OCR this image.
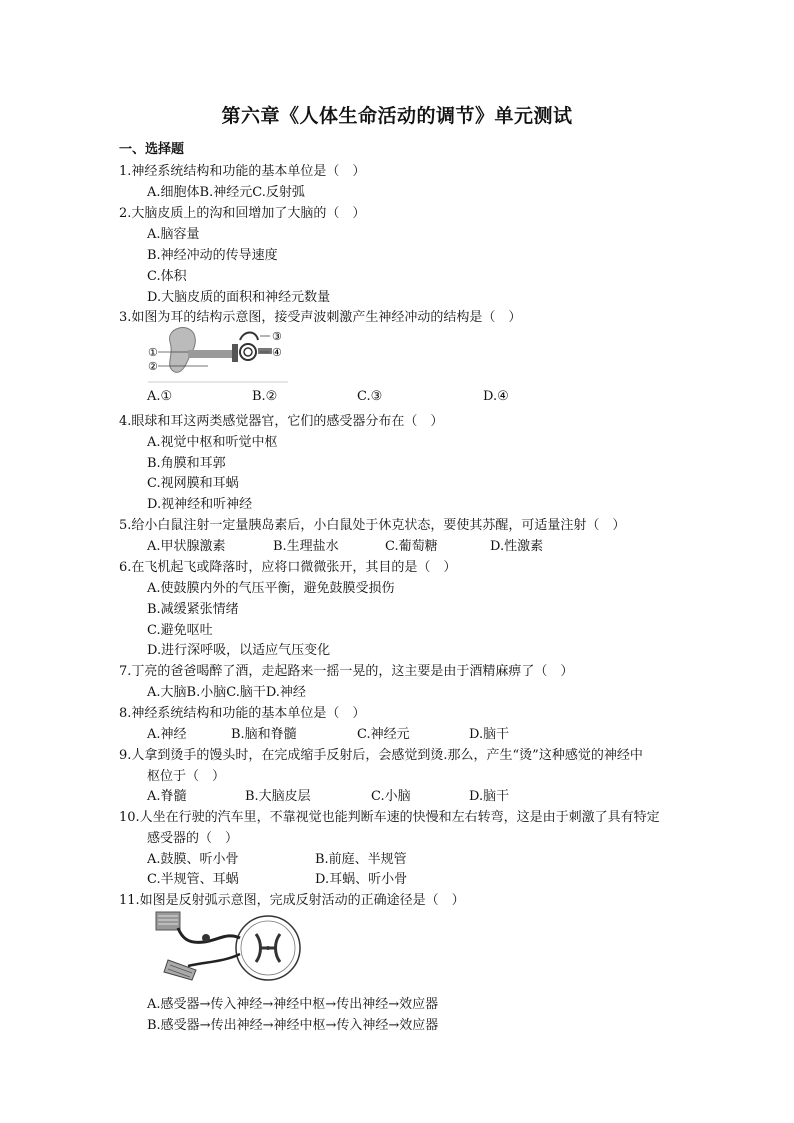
第六章《人体生命活动的调节》单元测试
一、选择题
1.神经系统结构和功能的基本单位是（　）
A.细胞体B.神经元C.反射弧
2.大脑皮质上的沟和回增加了大脑的（　）
A.脑容量
B.神经冲动的传导速度
C.体积
D.大脑皮质的面积和神经元数量
3.如图为耳的结构示意图，接受声波刺激产生神经冲动的结构是（　）
①
②
③
④
A.①	B.②	C.③	D.④
4.眼球和耳这两类感觉器官，它们的感受器分布在（　）
A.视觉中枢和听觉中枢
B.角膜和耳郭
C.视网膜和耳蜗
D.视神经和听神经
5.给小白鼠注射一定量胰岛素后，小白鼠处于休克状态，要使其苏醒，可适量注射（　）
A.甲状腺激素	B.生理盐水	C.葡萄糖	D.性激素
6.在飞机起飞或降落时，应将口微微张开，其目的是（　）
A.使鼓膜内外的气压平衡，避免鼓膜受损伤
B.减缓紧张情绪
C.避免呕吐
D.进行深呼吸，以适应气压变化
7.丁亮的爸爸喝醉了酒，走起路来一摇一晃的，这主要是由于酒精麻痹了（　）
A.大脑B.小脑C.脑干D.神经
8.神经系统结构和功能的基本单位是（　）
A.神经	B.脑和脊髓	C.神经元	D.脑干
9.人拿到烫手的馒头时，在完成缩手反射后，会感觉到烫.那么，产生“烫”这种感觉的神经中
枢位于（　）
A.脊髓	B.大脑皮层	C.小脑	D.脑干
10.人坐在行驶的汽车里，不靠视觉也能判断车速的快慢和左右转弯，这是由于刺激了具有特定
感受器的（　）
A.鼓膜、听小骨	B.前庭、半规管
C.半规管、耳蜗	D.耳蜗、听小骨
11.如图是反射弧示意图，完成反射活动的正确途径是（　）
A.感受器→传入神经→神经中枢→传出神经→效应器
B.感受器→传出神经→神经中枢→传入神经→效应器
